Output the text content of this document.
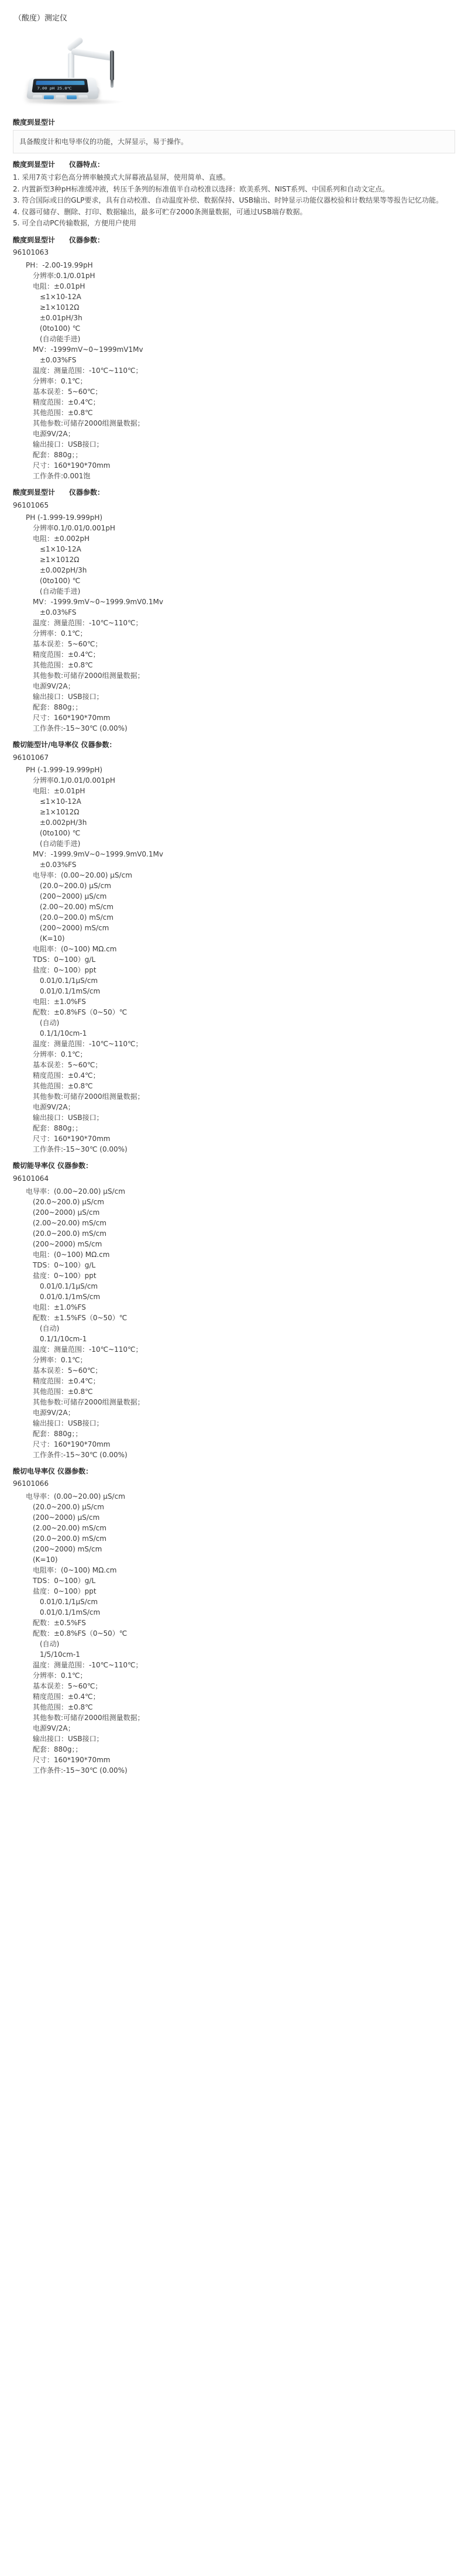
（酸度）测定仪
7.00 pH 25.0℃
酸度到显型计

具备酸度计和电导率仪的功能，大屏显示，易于操作。

酸度到显型计　　仪器特点：
1. 采用7英寸彩色高分辨率触摸式大屏幕液晶显屏，使用简单、直感。
2. 内置新型3种pH标准缓冲液，转压千条列的标准值半自动校准以选择：欧美系列、NIST系列、中国系列和自动文定点。
3. 符合国际或日的GLP要求，具有自动校准、自动温度补偿、数据保持、USB输出、时钟显示功能仪器校验和计数结果等等报告记忆功能。
4. 仪器可储存、删除、打印、数据输出，最多可贮存2000条测量数据，可通过USB端存数据。
5. 可全自动PC传输数据，方便用户使用
酸度到显型计　　仪器参数：
96101063
PH：-2.00-19.99pH
分辨率:0.1/0.01pH
电阻：±0.01pH
≤1×10-12A
≥1×1012Ω
±0.01pH/3h
(0to100) ℃
(自动能手进)
MV：-1999mV~0~1999mV1Mv
±0.03%FS
温度：测量范围：-10℃~110℃；
分辨率：0.1℃；
基本误差：5~60℃；
精度范围：±0.4℃；
其他范围：±0.8℃
其他参数:可储存2000组测量数据；
电源9V/2A；
输出接口：USB接口；
配套：880g；；
尺寸：160*190*70mm
工作条件:0.001饱
酸度到显型计　　仪器参数：
96101065
PH (-1.999-19.999pH)
分辨率0.1/0.01/0.001pH
电阻：±0.002pH
≤1×10-12A
≥1×1012Ω
±0.002pH/3h
(0to100) ℃
(自动能手进)
MV：-1999.9mV~0~1999.9mV0.1Mv
±0.03%FS
温度：测量范围：-10℃~110℃；
分辨率：0.1℃；
基本误差：5~60℃；
精度范围：±0.4℃；
其他范围：±0.8℃
其他参数:可储存2000组测量数据；
电源9V/2A；
输出接口：USB接口；
配套：880g；；
尺寸：160*190*70mm
工作条件:-15~30℃ (0.00%)
酸切能型计/电导率仪 仪器参数：
96101067
PH (-1.999-19.999pH)
分辨率0.1/0.01/0.001pH
电阻：±0.01pH
≤1×10-12A
≥1×1012Ω
±0.002pH/3h
(0to100) ℃
(自动能手进)
MV：-1999.9mV~0~1999.9mV0.1Mv
±0.03%FS
电导率：(0.00~20.00) μS/cm
(20.0~200.0) μS/cm
(200~2000) μS/cm
(2.00~20.00) mS/cm
(20.0~200.0) mS/cm
(200~2000) mS/cm
(K=10)
电阻率：(0~100) MΩ.cm
TDS：0~100）g/L
盐度：0~100）ppt
0.01/0.1/1μS/cm
0.01/0.1/1mS/cm
电阻：±1.0%FS
配数：±0.8%FS（0~50）℃
(自动)
0.1/1/10cm-1
温度：测量范围：-10℃~110℃；
分辨率：0.1℃；
基本误差：5~60℃；
精度范围：±0.4℃；
其他范围：±0.8℃
其他参数:可储存2000组测量数据；
电源9V/2A；
输出接口：USB接口；
配套：880g；；
尺寸：160*190*70mm
工作条件:-15~30℃ (0.00%)
酸切能导率仪 仪器参数：
96101064
电导率：(0.00~20.00) μS/cm
(20.0~200.0) μS/cm
(200~2000) μS/cm
(2.00~20.00) mS/cm
(20.0~200.0) mS/cm
(200~2000) mS/cm
电阻：(0~100) MΩ.cm
TDS：0~100）g/L
盐度：0~100）ppt
0.01/0.1/1μS/cm
0.01/0.1/1mS/cm
电阻：±1.0%FS
配数：±1.5%FS（0~50）℃
(自动)
0.1/1/10cm-1
温度：测量范围：-10℃~110℃；
分辨率：0.1℃；
基本误差：5~60℃；
精度范围：±0.4℃；
其他范围：±0.8℃
其他参数:可储存2000组测量数据；
电源9V/2A；
输出接口：USB接口；
配套：880g；；
尺寸：160*190*70mm
工作条件:-15~30℃ (0.00%)
酸切电导率仪 仪器参数：
96101066
电导率：(0.00~20.00) μS/cm
(20.0~200.0) μS/cm
(200~2000) μS/cm
(2.00~20.00) mS/cm
(20.0~200.0) mS/cm
(200~2000) mS/cm
(K=10)
电阻率：(0~100) MΩ.cm
TDS：0~100）g/L
盐度：0~100）ppt
0.01/0.1/1μS/cm
0.01/0.1/1mS/cm
配数：±0.5%FS
配数：±0.8%FS（0~50）℃
(自动)
1/5/10cm-1
温度：测量范围：-10℃~110℃；
分辨率：0.1℃；
基本误差：5~60℃；
精度范围：±0.4℃；
其他范围：±0.8℃
其他参数:可储存2000组测量数据；
电源9V/2A；
输出接口：USB接口；
配套：880g；；
尺寸：160*190*70mm
工作条件:-15~30℃ (0.00%)
